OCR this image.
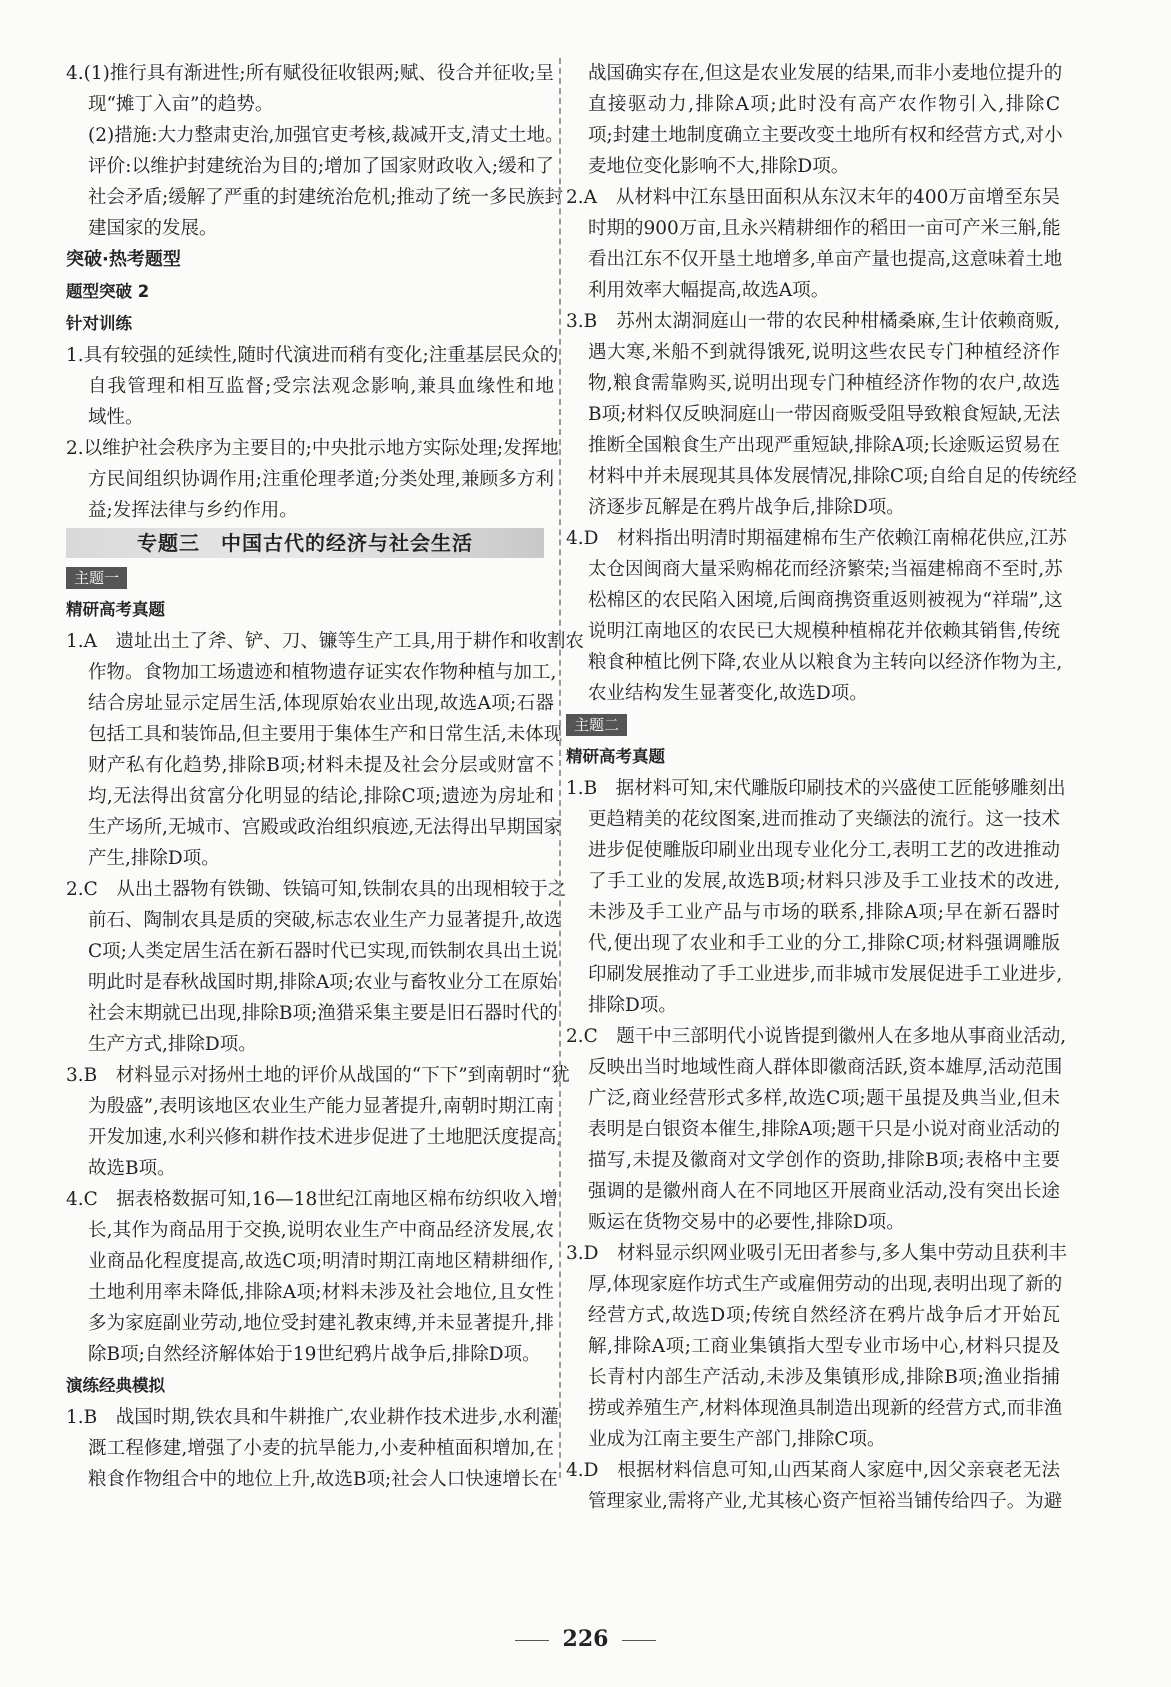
4.(1)推行具有渐进性;所有赋役征收银两;赋、役合并征收;呈
现“摊丁入亩”的趋势。
(2)措施:大力整肃吏治,加强官吏考核,裁减开支,清丈土地。
评价:以维护封建统治为目的;增加了国家财政收入;缓和了
社会矛盾;缓解了严重的封建统治危机;推动了统一多民族封
建国家的发展。
突破·热考题型
题型突破 2
针对训练
1.具有较强的延续性,随时代演进而稍有变化;注重基层民众的
自我管理和相互监督;受宗法观念影响,兼具血缘性和地
域性。
2.以维护社会秩序为主要目的;中央批示地方实际处理;发挥地
方民间组织协调作用;注重伦理孝道;分类处理,兼顾多方利
益;发挥法律与乡约作用。
专题三　中国古代的经济与社会生活
主题一
精研高考真题
1.A　遗址出土了斧、铲、刀、镰等生产工具,用于耕作和收割农
作物。食物加工场遗迹和植物遗存证实农作物种植与加工,
结合房址显示定居生活,体现原始农业出现,故选A项;石器
包括工具和装饰品,但主要用于集体生产和日常生活,未体现
财产私有化趋势,排除B项;材料未提及社会分层或财富不
均,无法得出贫富分化明显的结论,排除C项;遗迹为房址和
生产场所,无城市、宫殿或政治组织痕迹,无法得出早期国家
产生,排除D项。
2.C　从出土器物有铁锄、铁镐可知,铁制农具的出现相较于之
前石、陶制农具是质的突破,标志农业生产力显著提升,故选
C项;人类定居生活在新石器时代已实现,而铁制农具出土说
明此时是春秋战国时期,排除A项;农业与畜牧业分工在原始
社会末期就已出现,排除B项;渔猎采集主要是旧石器时代的
生产方式,排除D项。
3.B　材料显示对扬州土地的评价从战国的“下下”到南朝时“犹
为殷盛”,表明该地区农业生产能力显著提升,南朝时期江南
开发加速,水利兴修和耕作技术进步促进了土地肥沃度提高,
故选B项。
4.C　据表格数据可知,16—18世纪江南地区棉布纺织收入增
长,其作为商品用于交换,说明农业生产中商品经济发展,农
业商品化程度提高,故选C项;明清时期江南地区精耕细作,
土地利用率未降低,排除A项;材料未涉及社会地位,且女性
多为家庭副业劳动,地位受封建礼教束缚,并未显著提升,排
除B项;自然经济解体始于19世纪鸦片战争后,排除D项。
演练经典模拟
1.B　战国时期,铁农具和牛耕推广,农业耕作技术进步,水利灌
溉工程修建,增强了小麦的抗旱能力,小麦种植面积增加,在
粮食作物组合中的地位上升,故选B项;社会人口快速增长在
战国确实存在,但这是农业发展的结果,而非小麦地位提升的
直接驱动力,排除A项;此时没有高产农作物引入,排除C
项;封建土地制度确立主要改变土地所有权和经营方式,对小
麦地位变化影响不大,排除D项。
2.A　从材料中江东垦田面积从东汉末年的400万亩增至东吴
时期的900万亩,且永兴精耕细作的稻田一亩可产米三斛,能
看出江东不仅开垦土地增多,单亩产量也提高,这意味着土地
利用效率大幅提高,故选A项。
3.B　苏州太湖洞庭山一带的农民种柑橘桑麻,生计依赖商贩,
遇大寒,米船不到就得饿死,说明这些农民专门种植经济作
物,粮食需靠购买,说明出现专门种植经济作物的农户,故选
B项;材料仅反映洞庭山一带因商贩受阻导致粮食短缺,无法
推断全国粮食生产出现严重短缺,排除A项;长途贩运贸易在
材料中并未展现其具体发展情况,排除C项;自给自足的传统经
济逐步瓦解是在鸦片战争后,排除D项。
4.D　材料指出明清时期福建棉布生产依赖江南棉花供应,江苏
太仓因闽商大量采购棉花而经济繁荣;当福建棉商不至时,苏
松棉区的农民陷入困境,后闽商携资重返则被视为“祥瑞”,这
说明江南地区的农民已大规模种植棉花并依赖其销售,传统
粮食种植比例下降,农业从以粮食为主转向以经济作物为主,
农业结构发生显著变化,故选D项。
主题二
精研高考真题
1.B　据材料可知,宋代雕版印刷技术的兴盛使工匠能够雕刻出
更趋精美的花纹图案,进而推动了夹缬法的流行。这一技术
进步促使雕版印刷业出现专业化分工,表明工艺的改进推动
了手工业的发展,故选B项;材料只涉及手工业技术的改进,
未涉及手工业产品与市场的联系,排除A项;早在新石器时
代,便出现了农业和手工业的分工,排除C项;材料强调雕版
印刷发展推动了手工业进步,而非城市发展促进手工业进步,
排除D项。
2.C　题干中三部明代小说皆提到徽州人在多地从事商业活动,
反映出当时地域性商人群体即徽商活跃,资本雄厚,活动范围
广泛,商业经营形式多样,故选C项;题干虽提及典当业,但未
表明是白银资本催生,排除A项;题干只是小说对商业活动的
描写,未提及徽商对文学创作的资助,排除B项;表格中主要
强调的是徽州商人在不同地区开展商业活动,没有突出长途
贩运在货物交易中的必要性,排除D项。
3.D　材料显示织网业吸引无田者参与,多人集中劳动且获利丰
厚,体现家庭作坊式生产或雇佣劳动的出现,表明出现了新的
经营方式,故选D项;传统自然经济在鸦片战争后才开始瓦
解,排除A项;工商业集镇指大型专业市场中心,材料只提及
长青村内部生产活动,未涉及集镇形成,排除B项;渔业指捕
捞或养殖生产,材料体现渔具制造出现新的经营方式,而非渔
业成为江南主要生产部门,排除C项。
4.D　根据材料信息可知,山西某商人家庭中,因父亲衰老无法
管理家业,需将产业,尤其核心资产恒裕当铺传给四子。为避
226
